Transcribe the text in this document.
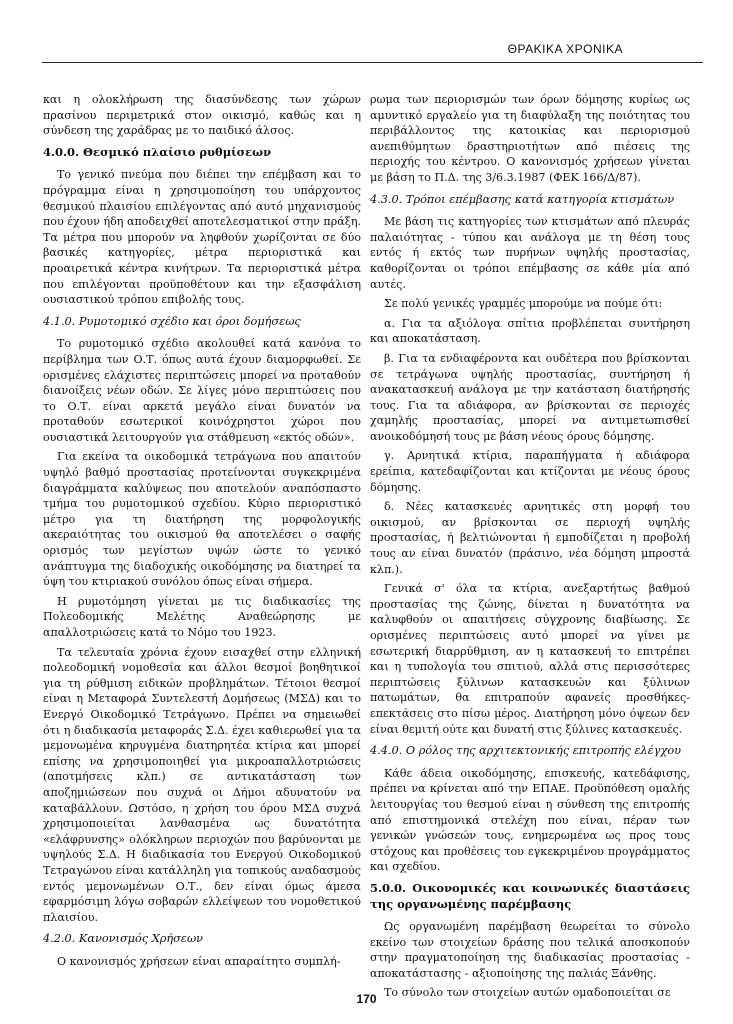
ΘΡΑΚΙΚΑ ΧΡΟΝΙΚΑ

και η ολοκλήρωση της διασύνδεσης των χώρων πρασίνου περιμετρικά στον οικισμό, καθώς και η σύνδεση της χαράδρας με το παιδικό άλσος.

4.0.0. Θεσμικό πλαίσιο ρυθμίσεων

Το γενικό πνεύμα που διέπει την επέμβαση και το πρόγραμμα είναι η χρησιμοποίηση του υπάρχοντος θεσμικού πλαισίου επιλέγοντας από αυτό μηχανισμούς που έχουν ήδη αποδειχθεί αποτελεσματικοί στην πράξη. Τα μέτρα που μπορούν να ληφθούν χωρίζονται σε δύο βασικές κατηγορίες, μέτρα περιοριστικά και προαιρετικά κέντρα κινήτρων. Τα περιοριστικά μέτρα που επιλέγονται προϋποθέτουν και την εξασφάλιση ουσιαστικού τρόπου επιβολής τους.

4.1.0. Ρυμοτομικό σχέδιο και όροι δομήσεως

Το ρυμοτομικό σχέδιο ακολουθεί κατά κανόνα το περίβλημα των Ο.Τ. όπως αυτά έχουν διαμορφωθεί. Σε ορισμένες ελάχιστες περιπτώσεις μπορεί να προταθούν διανοίξεις νέων οδών. Σε λίγες μόνο περιπτώσεις που το Ο.Τ. είναι αρκετά μεγάλο είναι δυνατόν να προταθούν εσωτερικοί κοινόχρηστοι χώροι που ουσιαστικά λειτουργούν για στάθμευση «εκτός οδών».

Για εκείνα τα οικοδομικά τετράγωνα που απαιτούν υψηλό βαθμό προστασίας προτείνονται συγκεκριμένα διαγράμματα καλύψεως που αποτελούν αναπόσπαστο τμήμα του ρυμοτομικού σχεδίου. Κύριο περιοριστικό μέτρο για τη διατήρηση της μορφολογικής ακεραιότητας του οικισμού θα αποτελέσει ο σαφής ορισμός των μεγίστων υψών ώστε το γενικό ανάπτυγμα της διαδοχικής οικοδόμησης να διατηρεί τα ύψη του κτιριακού συνόλου όπως είναι σήμερα.

Η ρυμοτόμηση γίνεται με τις διαδικασίες της Πολεοδομικής Μελέτης Αναθεώρησης με απαλλοτριώσεις κατά το Νόμο του 1923.

Τα τελευταία χρόνια έχουν εισαχθεί στην ελληνική πολεοδομική νομοθεσία και άλλοι θεσμοί βοηθητικοί για τη ρύθμιση ειδικών προβλημάτων. Τέτοιοι θεσμοί είναι η Μεταφορά Συντελεστή Δομήσεως (ΜΣΔ) και το Ενεργό Οικοδομικό Τετράγωνο. Πρέπει να σημειωθεί ότι η διαδικασία μεταφοράς Σ.Δ. έχει καθιερωθεί για τα μεμονωμένα κηρυγμένα διατηρητέα κτίρια και μπορεί επίσης να χρησιμοποιηθεί για μικροαπαλλοτριώσεις (αποτμήσεις κλπ.) σε αντικατάσταση των αποζημιώσεων που συχνά οι Δήμοι αδυνατούν να καταβάλλουν. Ωστόσο, η χρήση του όρου ΜΣΔ συχνά χρησιμοποιείται λανθασμένα ως δυνατότητα «ελάφρυνσης» ολόκληρων περιοχών που βαρύνονται με υψηλούς Σ.Δ. Η διαδικασία του Ενεργού Οικοδομικού Τετραγώνου είναι κατάλληλη για τοπικούς αναδασμούς εντός μεμονωμένων Ο.Τ., δεν είναι όμως άμεσα εφαρμόσιμη λόγω σοβαρών ελλείψεων του νομοθετικού πλαισίου.

4.2.0. Κανονισμός Χρήσεων

Ο κανονισμός χρήσεων είναι απαραίτητο συμπλή-

ρωμα των περιορισμών των όρων δόμησης κυρίως ως αμυντικό εργαλείο για τη διαφύλαξη της ποιότητας του περιβάλλοντος της κατοικίας και περιορισμού ανεπιθύμητων δραστηριοτήτων από πιέσεις της περιοχής του κέντρου. Ο κανονισμός χρήσεων γίνεται με βάση το Π.Δ. της 3/6.3.1987 (ΦΕΚ 166/Δ/87).

4.3.0. Τρόποι επέμβασης κατά κατηγορία κτισμάτων

Με βάση τις κατηγορίες των κτισμάτων από πλευράς παλαιότητας - τύπου και ανάλογα με τη θέση τους εντός ή εκτός των πυρήνων υψηλής προστασίας, καθορίζονται οι τρόποι επέμβασης σε κάθε μία από αυτές.

Σε πολύ γενικές γραμμές μπορούμε να πούμε ότι:

α. Για τα αξιόλογα σπίτια προβλέπεται συντήρηση και αποκατάσταση.

β. Για τα ενδιαφέροντα και ουδέτερα που βρίσκονται σε τετράγωνα υψηλής προστασίας, συντήρηση ή ανακατασκευή ανάλογα με την κατάσταση διατήρησής τους. Για τα αδιάφορα, αν βρίσκονται σε περιοχές χαμηλής προστασίας, μπορεί να αντιμετωπισθεί ανοικοδόμησή τους με βάση νέους όρους δόμησης.

γ. Αρνητικά κτίρια, παραπήγματα ή αδιάφορα ερείπια, κατεδαφίζονται και κτίζονται με νέους όρους δόμησης.

δ. Νέες κατασκευές αρνητικές στη μορφή του οικισμού, αν βρίσκονται σε περιοχή υψηλής προστασίας, ή βελτιώνονται ή εμποδίζεται η προβολή τους αν είναι δυνατόν (πράσινο, νέα δόμηση μπροστά κλπ.).

Γενικά σ' όλα τα κτίρια, ανεξαρτήτως βαθμού προστασίας της ζώνης, δίνεται η δυνατότητα να καλυφθούν οι απαιτήσεις σύγχρονης διαβίωσης. Σε ορισμένες περιπτώσεις αυτό μπορεί να γίνει με εσωτερική διαρρύθμιση, αν η κατασκευή το επιτρέπει και η τυπολογία του σπιτιού, αλλά στις περισσότερες περιπτώσεις ξύλινων κατασκευών και ξύλινων πατωμάτων, θα επιτραπούν αφανείς προσθήκες-επεκτάσεις στο πίσω μέρος. Διατήρηση μόνο όψεων δεν είναι θεμιτή ούτε και δυνατή στις ξύλινες κατασκευές.

4.4.0. Ο ρόλος της αρχιτεκτονικής επιτροπής ελέγχου

Κάθε άδεια οικοδόμησης, επισκευής, κατεδάφισης, πρέπει να κρίνεται από την ΕΠΑΕ. Προϋπόθεση ομαλής λειτουργίας του θεσμού είναι η σύνθεση της επιτροπής από επιστημονικά στελέχη που είναι, πέραν των γενικών γνώσεών τους, ενημερωμένα ως προς τους στόχους και προθέσεις του εγκεκριμένου προγράμματος και σχεδίου.

5.0.0. Οικονομικές και κοινωνικές διαστάσεις της οργανωμένης παρέμβασης

Ως οργανωμένη παρέμβαση θεωρείται το σύνολο εκείνο των στοιχείων δράσης που τελικά αποσκοπούν στην πραγματοποίηση της διαδικασίας προστασίας - αποκατάστασης - αξιοποίησης της παλιάς Ξάνθης.

Το σύνολο των στοιχείων αυτών ομαδοποιείται σε

170
